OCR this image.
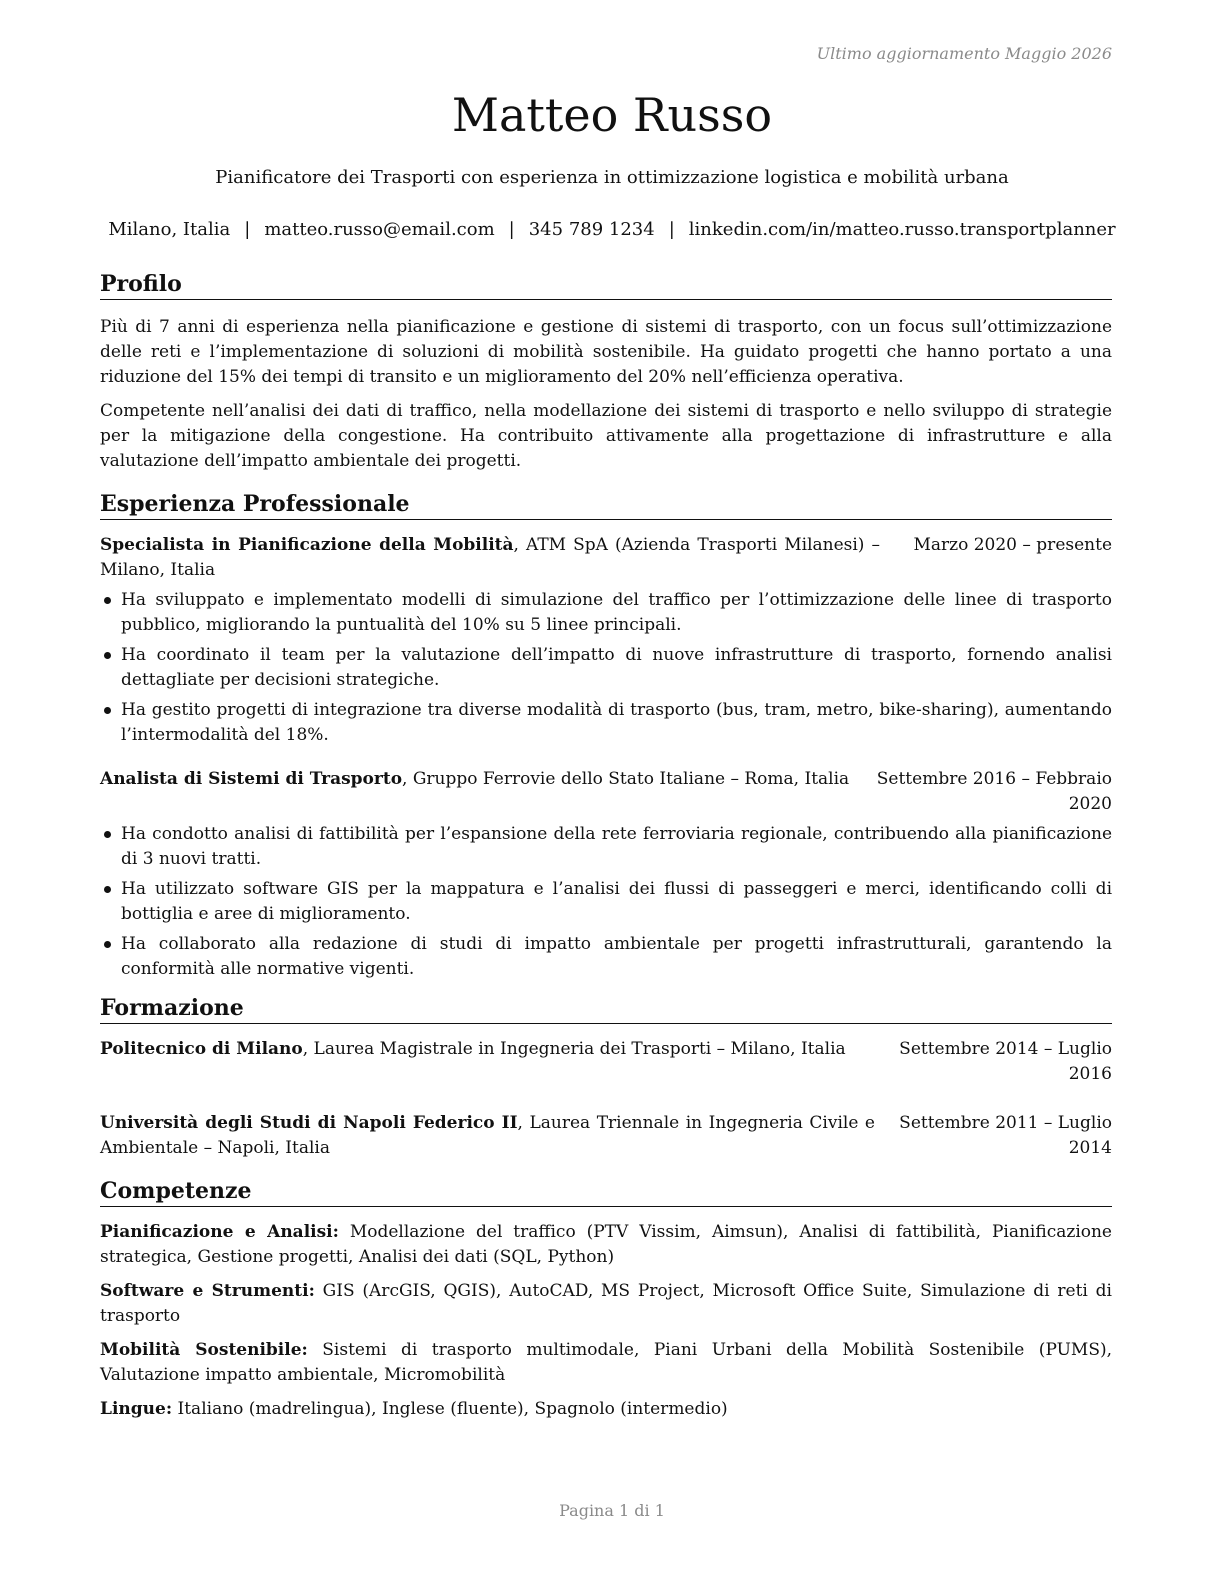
Ultimo aggiornamento Maggio 2026
Matteo Russo
Pianificatore dei Trasporti con esperienza in ottimizzazione logistica e mobilità urbana
Milano, Italia | matteo.russo@email.com | 345 789 1234 | linkedin.com/in/matteo.russo.transportplanner
Profilo

Più di 7 anni di esperienza nella pianificazione e gestione di sistemi di trasporto, con un focus sull’ottimizzazione delle reti e l’implementazione di soluzioni di mobilità sostenibile. Ha guidato progetti che hanno portato a una riduzione del 15% dei tempi di transito e un miglioramento del 20% nell’efficienza operativa.

Competente nell’analisi dei dati di traffico, nella modellazione dei sistemi di trasporto e nello sviluppo di strategie per la mitigazione della congestione. Ha contribuito attivamente alla progettazione di infrastrutture e alla valutazione dell’impatto ambientale dei progetti.

Esperienza Professionale
Specialista in Pianificazione della Mobilità, ATM SpA (Azienda Trasporti Milanesi) – Milano, Italia
Marzo 2020 – presente
Ha sviluppato e implementato modelli di simulazione del traffico per l’ottimizzazione delle linee di trasporto pubblico, migliorando la puntualità del 10% su 5 linee principali.
Ha coordinato il team per la valutazione dell’impatto di nuove infrastrutture di trasporto, fornendo analisi dettagliate per decisioni strategiche.
Ha gestito progetti di integrazione tra diverse modalità di trasporto (bus, tram, metro, bike-sharing), aumentando l’intermodalità del 18%.
Analista di Sistemi di Trasporto, Gruppo Ferrovie dello Stato Italiane – Roma, Italia	Settembre 2016 – Febbraio 2020
Ha condotto analisi di fattibilità per l’espansione della rete ferroviaria regionale, contribuendo alla pianificazione di 3 nuovi tratti.
Ha utilizzato software GIS per la mappatura e l’analisi dei flussi di passeggeri e merci, identificando colli di bottiglia e aree di miglioramento.
Ha collaborato alla redazione di studi di impatto ambientale per progetti infrastrutturali, garantendo la conformità alle normative vigenti.
Formazione
Politecnico di Milano, Laurea Magistrale in Ingegneria dei Trasporti – Milano, Italia	Settembre 2014 – Luglio 2016
Università degli Studi di Napoli Federico II, Laurea Triennale in Ingegneria Civile e Ambientale – Napoli, Italia
Settembre 2011 – Luglio 2014
Competenze

Pianificazione e Analisi: Modellazione del traffico (PTV Vissim, Aimsun), Analisi di fattibilità, Pianificazione strategica, Gestione progetti, Analisi dei dati (SQL, Python)

Software e Strumenti: GIS (ArcGIS, QGIS), AutoCAD, MS Project, Microsoft Office Suite, Simulazione di reti di trasporto

Mobilità Sostenibile: Sistemi di trasporto multimodale, Piani Urbani della Mobilità Sostenibile (PUMS), Valutazione impatto ambientale, Micromobilità

Lingue: Italiano (madrelingua), Inglese (fluente), Spagnolo (intermedio)

Pagina 1 di 1
